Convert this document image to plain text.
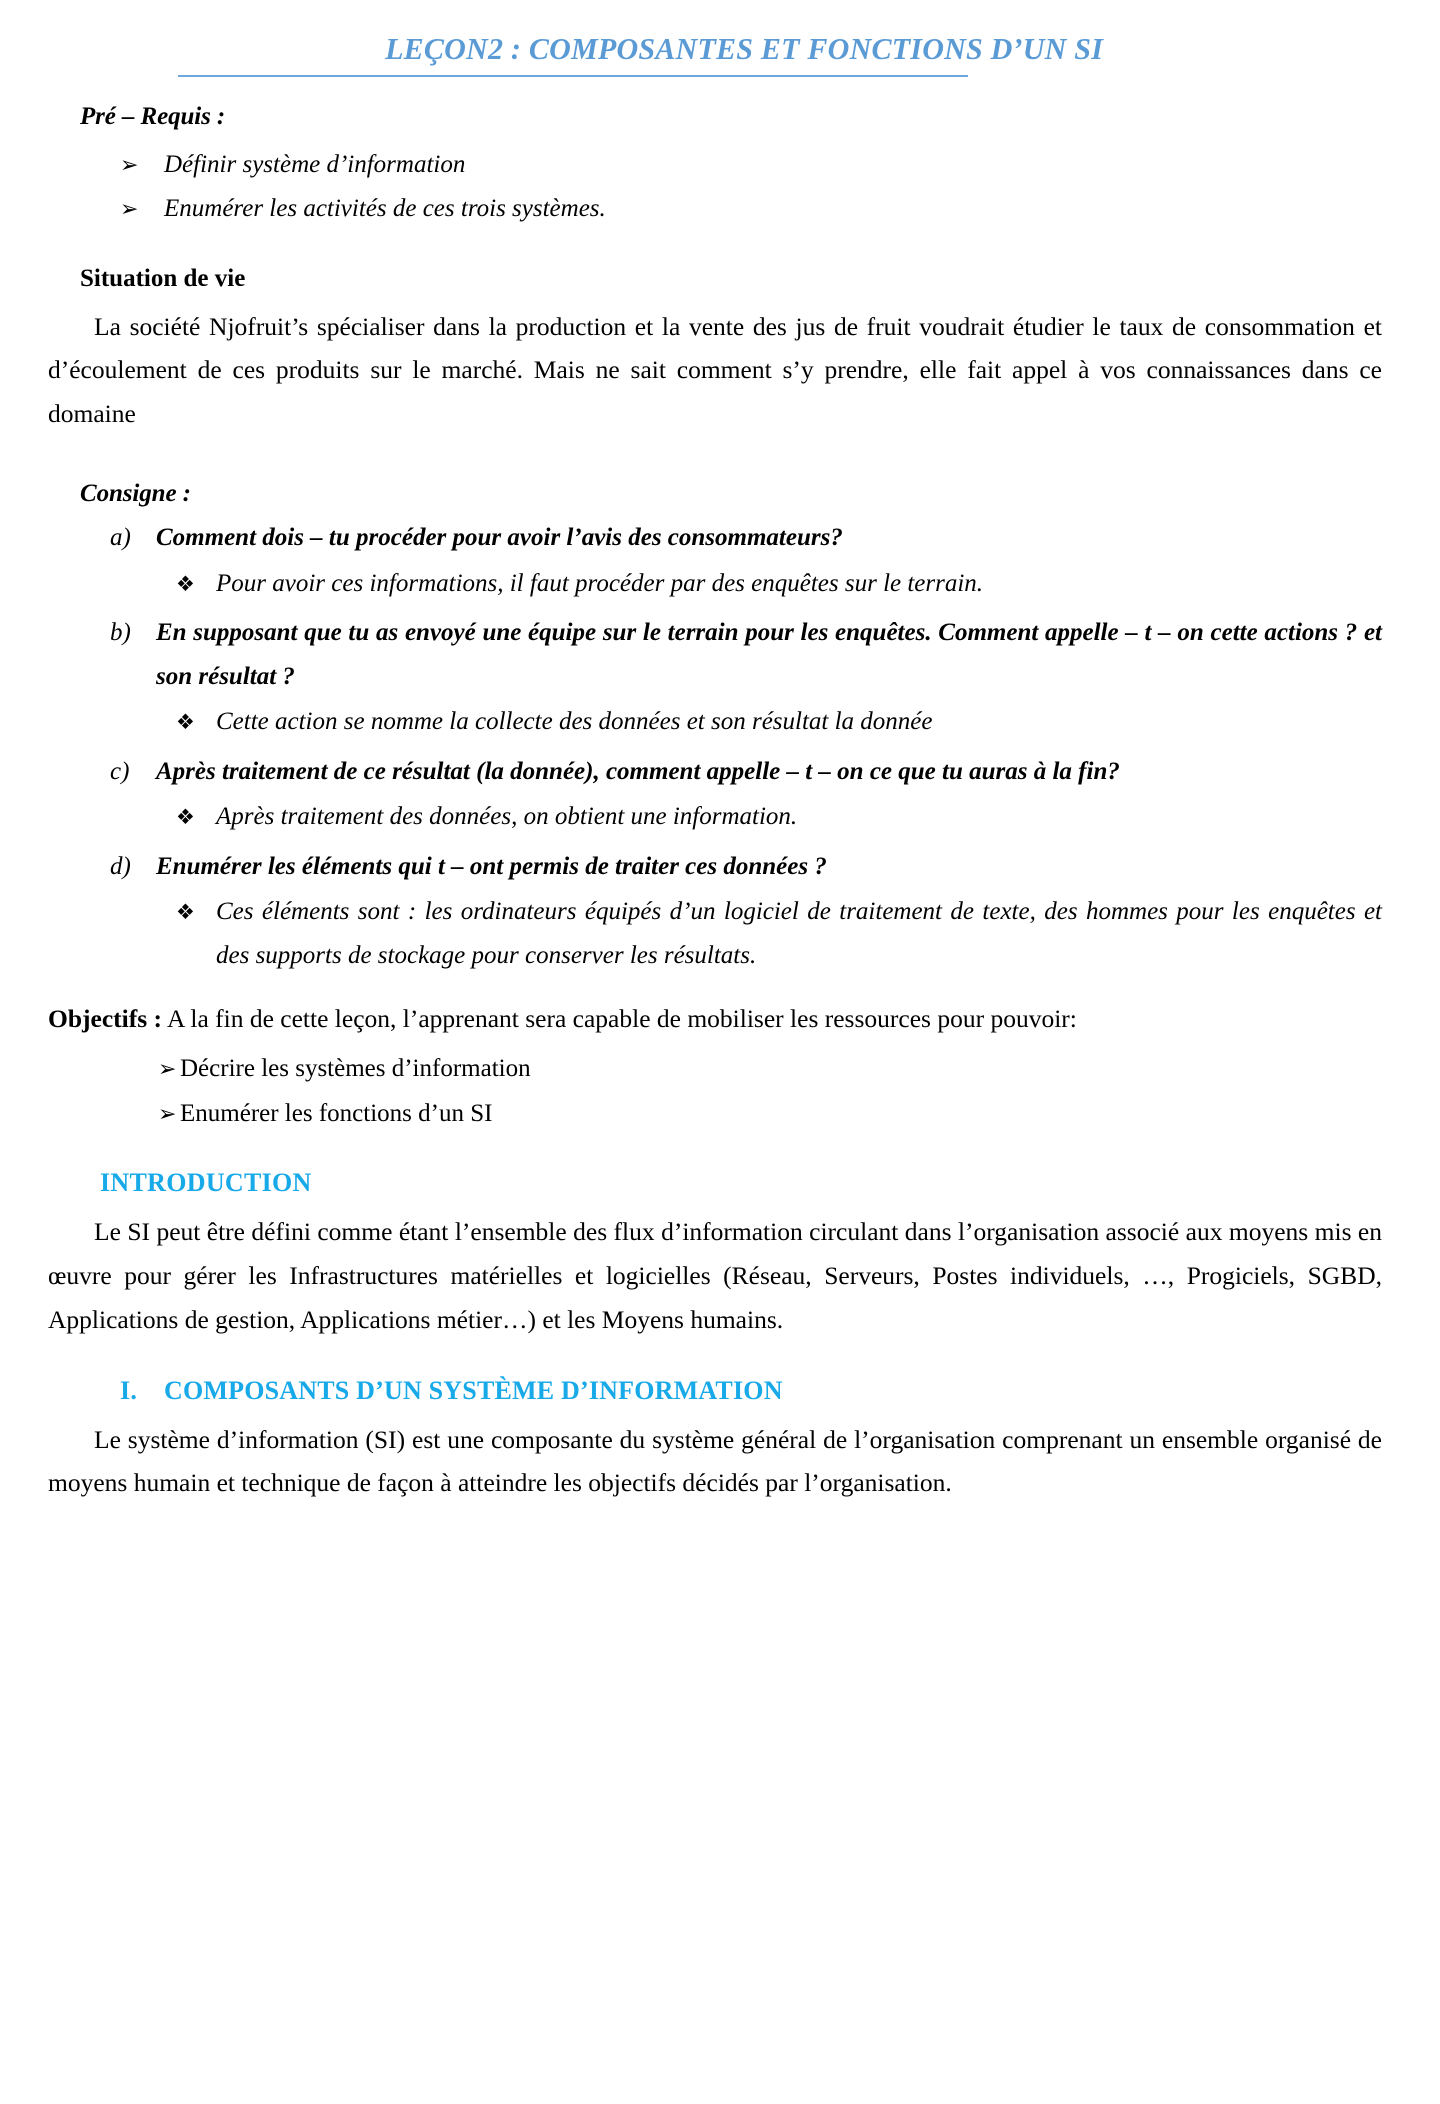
LEÇON2 : COMPOSANTES ET FONCTIONS D’UN SI
Pré – Requis :
➢	Définir système d’information
➢	Enumérer les activités de ces trois systèmes.
Situation de vie

La société Njofruit’s spécialiser dans la production et la vente des jus de fruit voudrait étudier le taux de consommation et d’écoulement de ces produits sur le marché. Mais ne sait comment s’y prendre, elle fait appel à vos connaissances dans ce domaine

Consigne :
a)	Comment dois – tu procéder pour avoir l’avis des consommateurs?
❖ Pour avoir ces informations, il faut procéder par des enquêtes sur le terrain.
b)	En supposant que tu as envoyé une équipe sur le terrain pour les enquêtes. Comment appelle – t – on cette actions ? et son résultat ?
❖ Cette action se nomme la collecte des données et son résultat la donnée
c)	Après traitement de ce résultat (la donnée), comment appelle – t – on ce que tu auras à la fin?
❖ Après traitement des données, on obtient une information.
d)	Enumérer les éléments qui t – ont permis de traiter ces données ?
❖ Ces éléments sont : les ordinateurs équipés d’un logiciel de traitement de texte, des hommes pour les enquêtes et des supports de stockage pour conserver les résultats.

Objectifs : A la fin de cette leçon, l’apprenant sera capable de mobiliser les ressources pour pouvoir:

➢ Décrire les systèmes d’information
➢ Enumérer les fonctions d’un SI
INTRODUCTION

Le SI peut être défini comme étant l’ensemble des flux d’information circulant dans l’organisation associé aux moyens mis en œuvre pour gérer les Infrastructures matérielles et logicielles (Réseau, Serveurs, Postes individuels, …, Progiciels, SGBD, Applications de gestion, Applications métier…) et les Moyens humains.

I.	COMPOSANTS D’UN SYSTÈME D’INFORMATION

Le système d’information (SI) est une composante du système général de l’organisation comprenant un ensemble organisé de moyens humain et technique de façon à atteindre les objectifs décidés par l’organisation.
